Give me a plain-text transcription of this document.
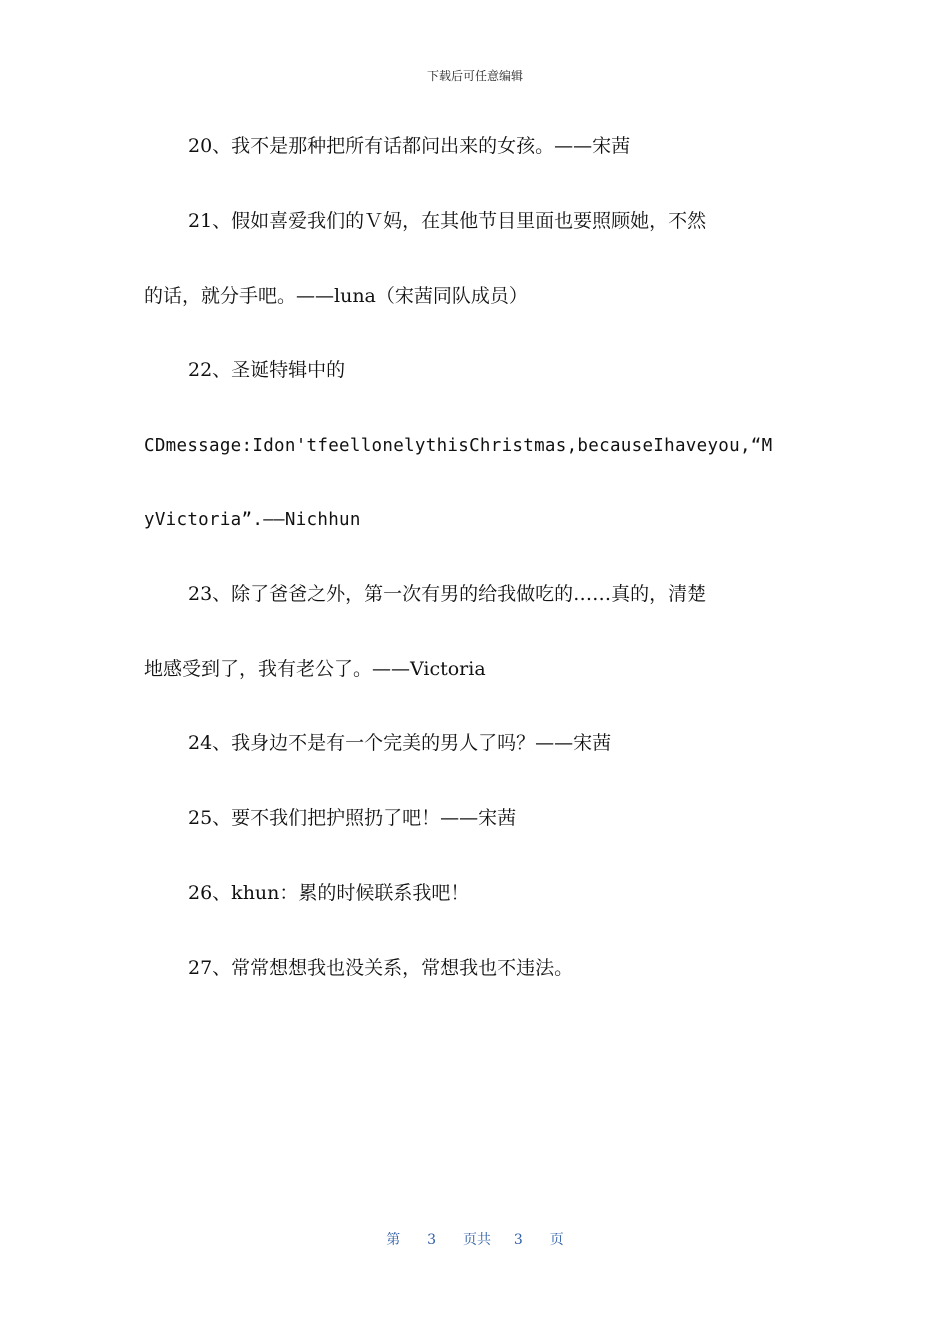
下载后可任意编辑
20、我不是那种把所有话都问出来的女孩。——宋茜
21、假如喜爱我们的Ｖ妈，在其他节目里面也要照顾她，不然
的话，就分手吧。——luna（宋茜同队成员）
22、圣诞特辑中的
CDmessage:Idon'tfeellonelythisChristmas,becauseIhaveyou,“M
yVictoria”.——Nichhun
23、除了爸爸之外，第一次有男的给我做吃的……真的，清楚
地感受到了，我有老公了。——Victoria
24、我身边不是有一个完美的男人了吗？——宋茜
25、要不我们把护照扔了吧！——宋茜
26、khun：累的时候联系我吧！
27、常常想想我也没关系，常想我也不违法。
第 3 页共 3 页
